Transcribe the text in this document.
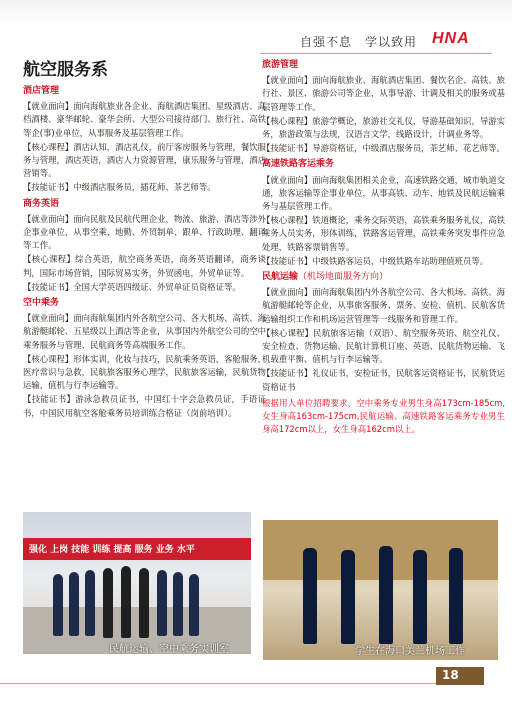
自强不息　学以致用 HNA
航空服务系
酒店管理
【就业面向】面向海航旅业各企业、海航酒店集团、星级酒店、高档酒楼、豪华邮轮、豪华会所、大型公司接待部门、旅行社、高铁等企(事)业单位，从事服务及基层管理工作。
【核心课程】酒店认知，酒店礼仪，前厅客房服务与管理，餐饮服务与管理，酒店英语，酒店人力资源管理，康乐服务与管理，酒店营销等。
【技能证书】中级酒店服务员，插花师、茶艺师等。
商务英语
【就业面向】面向民航及民航代理企业，物流、旅游、酒店等涉外企事业单位，从事空乘、地勤、外贸制单、跟单、行政助理、翻译等工作。
【核心课程】综合英语，航空商务英语，商务英语翻译，商务谈判，国际市场营销，国际贸易实务，外贸函电，外贸单证等。
【技能证书】全国大学英语四级证、外贸单证员资格证等。
空中乘务
【就业面向】面向海航集团内外各航空公司、各大机场、高铁、海航游艇邮轮、五星级以上酒店等企业，从事国内外航空公司的空中乘务服务与管理、民航商务等高端服务工作。
【核心课程】形体实训，化妆与技巧，民航乘务英语，客舱服务，医疗常识与急救，民航旅客服务心理学，民航旅客运输，民航货物运输，值机与行李运输等。
【技能证书】游泳急救员证书，中国红十字会急救员证，手语证书，中国民用航空客舱乘务员培训练合格证（岗前培训）。
旅游管理
【就业面向】面向海航旅业、海航酒店集团、餐饮名企、高铁、旅行社、景区、旅游公司等企业，从事导游、计调及相关的服务或基层管理等工作。
【核心课程】旅游学概论，旅游社交礼仪，导游基础知识，导游实务，旅游政策与法规，汉语言文学，线路设计，计调业务等。
【技能证书】导游资格证，中级酒店服务员，茶艺师、花艺师等。
高速铁路客运乘务
【就业面向】面向海航集团相关企业，高速铁路交通，城市轨道交通，旅客运输等企事业单位，从事高铁、动车、地铁及民航运输乘务与基层管理工作。
【核心课程】铁道概论，乘务交际英语，高铁乘务服务礼仪，高铁乘务人员实务，形体训练，铁路客运管理，高铁乘务突发事件应急处理，铁路客票销售等。
【技能证书】中级铁路客运员，中级铁路车站助理值班员等。
民航运输（机场地面服务方向）
【就业面向】面向海航集团内外各航空公司、各大机场、高铁、海航游艇邮轮等企业，从事旅客服务、票务、安检、值机、民航客货运输组织工作和机场运营管理等一线服务和管理工作。
【核心课程】民航旅客运输（双语）、航空服务英语、航空礼仪、安全检查、货物运输、民航计算机订座、英语、民航货物运输、飞机载重平衡、值机与行李运输等。
【技能证书】礼仪证书，安检证书，民航客运资格证书，民航货运资格证书
根据用人单位招聘要求，空中乘务专业男生身高173cm-185cm,女生身高163cm-175cm,民航运输、高速铁路客运乘务专业男生身高172cm以上，女生身高162cm以上。
强化 上岗 技能 训练 提高 服务 业务 水平
民航运输、空中乘务实训室	学生在海口美兰机场工作
18
